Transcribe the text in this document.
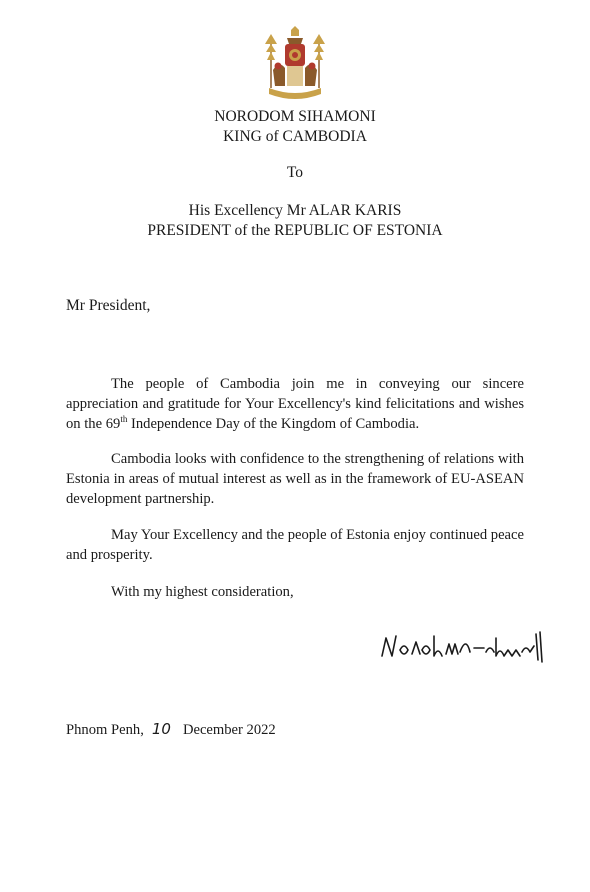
NORODOM SIHAMONI
KING of CAMBODIA
To
His Excellency Mr ALAR KARIS
PRESIDENT of the REPUBLIC OF ESTONIA
Mr President,
The people of Cambodia join me in conveying our sincere appreciation and gratitude for Your Excellency's kind felicitations and wishes on the 69th Independence Day of the Kingdom of Cambodia.
Cambodia looks with confidence to the strengthening of relations with Estonia in areas of mutual interest as well as in the framework of EU-ASEAN development partnership.
May Your Excellency and the people of Estonia enjoy continued peace and prosperity.
With my highest consideration,
Phnom Penh, 10 December 2022
